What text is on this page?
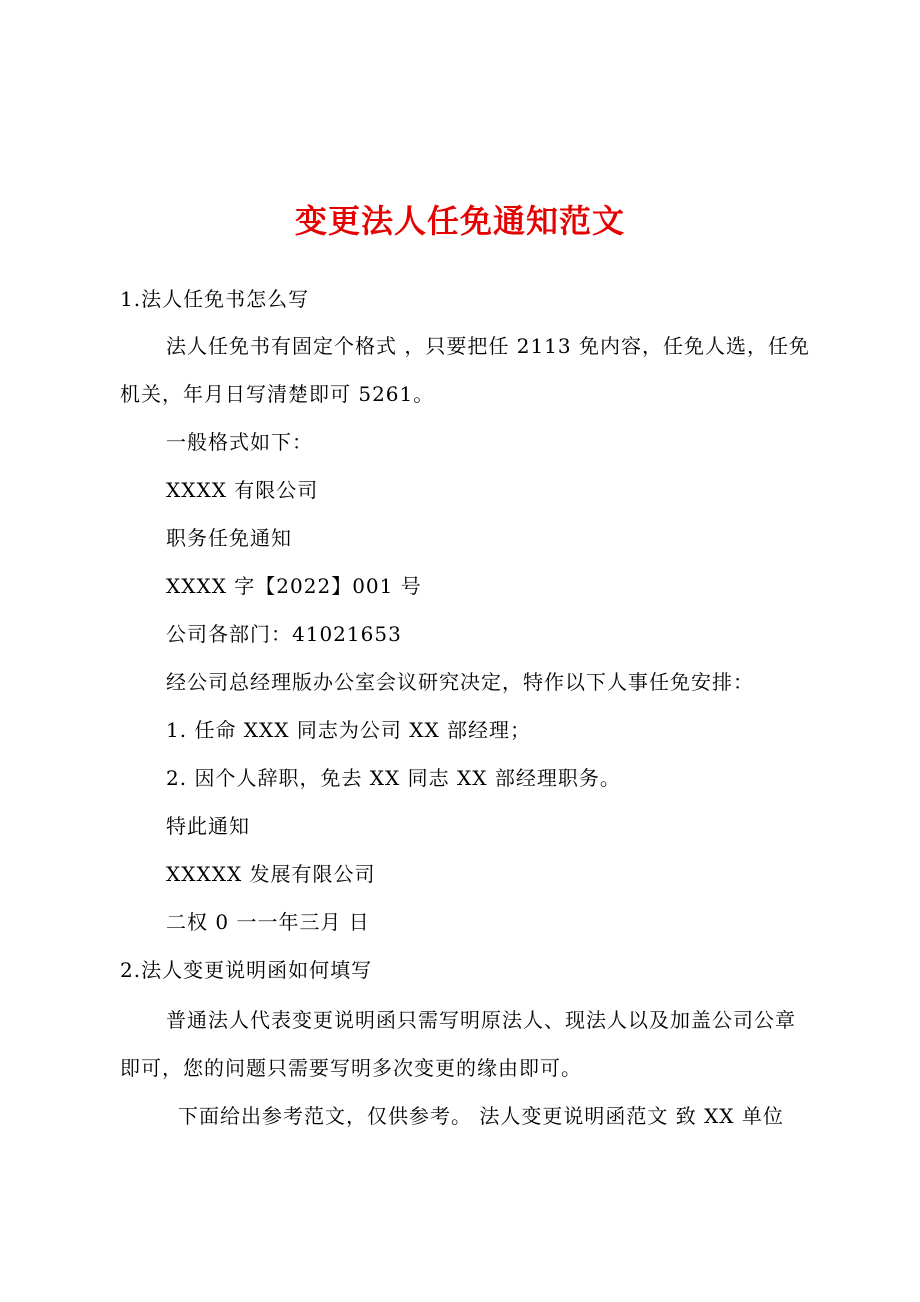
变更法人任免通知范文
1.法人任免书怎么写
法人任免书有固定个格式 ，只要把任 2113 免内容，任免人选，任免
机关，年月日写清楚即可 5261。
一般格式如下：
XXXX 有限公司
职务任免通知
XXXX 字【2022】001 号
公司各部门：41021653
经公司总经理版办公室会议研究决定，特作以下人事任免安排：
1. 任命 XXX 同志为公司 XX 部经理；
2. 因个人辞职，免去 XX 同志 XX 部经理职务。
特此通知
XXXXX 发展有限公司
二权 0 一一年三月 日
2.法人变更说明函如何填写
普通法人代表变更说明函只需写明原法人、现法人以及加盖公司公章
即可，您的问题只需要写明多次变更的缘由即可。
下面给出参考范文，仅供参考。 法人变更说明函范文 致 XX 单位
